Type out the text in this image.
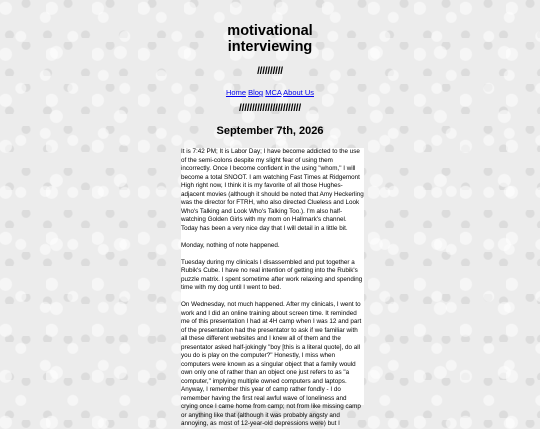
motivational
interviewing
//////////
Home Blog MCA About Us
////////////////////////
September 7th, 2026

It is 7:42 PM; It is Labor Day; I have become addicted to the use of the semi-colons despite my slight fear of using them incorrectly. Once I become confident in the using "whom," I will become a total SNOOT. I am watching Fast Times at Ridgemont High right now, I think it is my favorite of all those Hughes-adjacent movies (although it should be noted that Amy Heckerling was the director for FTRH, who also directed Clueless and Look Who's Talking and Look Who's Talking Too.). I'm also half-watching Golden Girls with my mom on Hallmark's channel. Today has been a very nice day that I will detail in a little bit.

Monday, nothing of note happened.

Tuesday during my clinicals I disassembled and put together a Rubik's Cube. I have no real intention of getting into the Rubik's puzzle matrix. I spent sometime after work relaxing and spending time with my dog until I went to bed.

On Wednesday, not much happened. After my clinicals, I went to work and I did an online training about screen time. It reminded me of this presentation I had at 4H camp when I was 12 and part of the presentation had the presentator to ask if we familiar with all these different websites and I knew all of them and the presentator asked half-jokingly "boy [this is a literal quote], do all you do is play on the computer?" Honestly, I miss when computers were known as a singular object that a family would own only one of rather than an object one just refers to as "a computer," implying multiple owned computers and laptops. Anyway, I remember this year of camp rather fondly - I do remember having the first real awful wave of loneliness and crying once I came home from camp; not from like missing camp or anything like that (although it was probably angsty and annoying, as most of 12-year-old depressions were) but I
